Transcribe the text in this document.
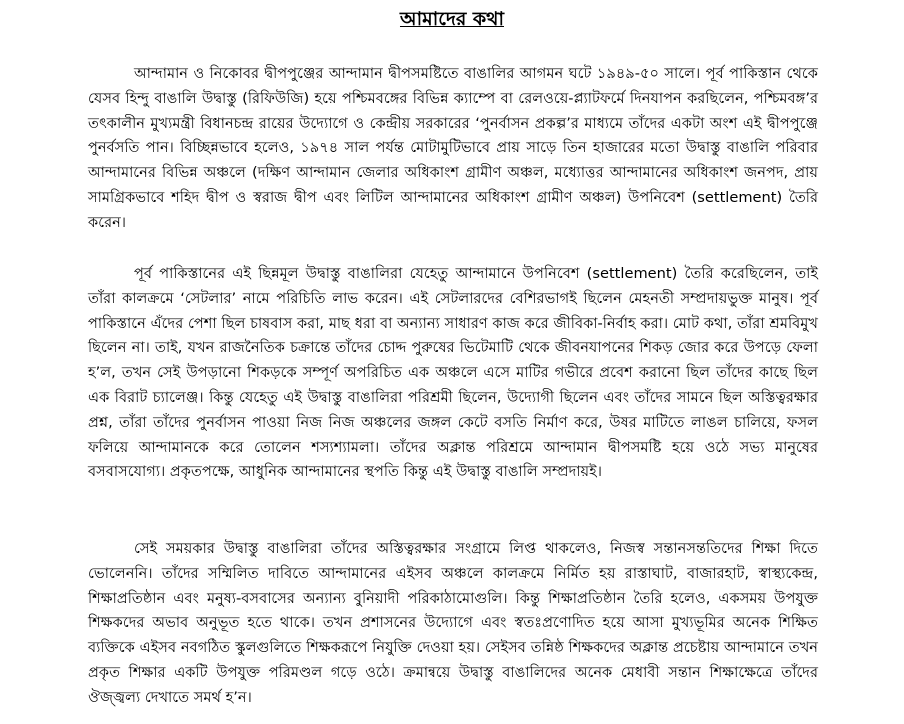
আমাদের কথা

আন্দামান ও নিকোবর দ্বীপপুঞ্জের আন্দামান দ্বীপসমষ্টিতে বাঙালির আগমন ঘটে ১৯৪৯-৫০ সালে। পূর্ব পাকিস্তান থেকে যেসব হিন্দু বাঙালি উদ্বাস্তু (রিফিউজি) হয়ে পশ্চিমবঙ্গের বিভিন্ন ক্যাম্পে বা রেলওয়ে-প্ল্যাটফর্মে দিনযাপন করছিলেন, পশ্চিমবঙ্গ’র তৎকালীন মুখ্যমন্ত্রী বিধানচন্দ্র রায়ের উদ্যোগে ও কেন্দ্রীয় সরকারের ‘পুনর্বাসন প্রকল্প’র মাধ্যমে তাঁদের একটা অংশ এই দ্বীপপুঞ্জে পুনর্বসতি পান। বিচ্ছিন্নভাবে হলেও, ১৯৭৪ সাল পর্যন্ত মোটামুটিভাবে প্রায় সাড়ে তিন হাজারের মতো উদ্বাস্তু বাঙালি পরিবার আন্দামানের বিভিন্ন অঞ্চলে (দক্ষিণ আন্দামান জেলার অধিকাংশ গ্রামীণ অঞ্চল, মধ্যোত্তর আন্দামানের অধিকাংশ জনপদ, প্রায় সামগ্রিকভাবে শহিদ দ্বীপ ও স্বরাজ দ্বীপ এবং লিটিল আন্দামানের অধিকাংশ গ্রামীণ অঞ্চল) উপনিবেশ (settlement) তৈরি করেন।

পূর্ব পাকিস্তানের এই ছিন্নমূল উদ্বাস্তু বাঙালিরা যেহেতু আন্দামানে উপনিবেশ (settlement) তৈরি করেছিলেন, তাই তাঁরা কালক্রমে ‘সেটলার’ নামে পরিচিতি লাভ করেন। এই সেটলারদের বেশিরভাগই ছিলেন মেহনতী সম্প্রদায়ভুক্ত মানুষ। পূর্ব পাকিস্তানে এঁদের পেশা ছিল চাষবাস করা, মাছ ধরা বা অন্যান্য সাধারণ কাজ করে জীবিকা-নির্বাহ করা। মোট কথা, তাঁরা শ্রমবিমুখ ছিলেন না। তাই, যখন রাজনৈতিক চক্রান্তে তাঁদের চোদ্দ পুরুষের ভিটেমাটি থেকে জীবনযাপনের শিকড় জোর করে উপড়ে ফেলা হ’ল, তখন সেই উপড়ানো শিকড়কে সম্পূর্ণ অপরিচিত এক অঞ্চলে এসে মাটির গভীরে প্রবেশ করানো ছিল তাঁদের কাছে ছিল এক বিরাট চ্যালেঞ্জ। কিন্তু যেহেতু এই উদ্বাস্তু বাঙালিরা পরিশ্রমী ছিলেন, উদ্যোগী ছিলেন এবং তাঁদের সামনে ছিল অস্তিত্বরক্ষার প্রশ্ন, তাঁরা তাঁদের পুনর্বাসন পাওয়া নিজ নিজ অঞ্চলের জঙ্গল কেটে বসতি নির্মাণ করে, উষর মাটিতে লাঙল চালিয়ে, ফসল ফলিয়ে আন্দামানকে করে তোলেন শস্যশ্যামলা। তাঁদের অক্লান্ত পরিশ্রমে আন্দামান দ্বীপসমষ্টি হয়ে ওঠে সভ্য মানুষের বসবাসযোগ্য। প্রকৃতপক্ষে, আধুনিক আন্দামানের স্থপতি কিন্তু এই উদ্বাস্তু বাঙালি সম্প্রদায়ই।

সেই সময়কার উদ্বাস্তু বাঙালিরা তাঁদের অস্তিত্বরক্ষার সংগ্রামে লিপ্ত থাকলেও, নিজস্ব সন্তানসন্ততিদের শিক্ষা দিতে ভোলেননি। তাঁদের সম্মিলিত দাবিতে আন্দামানের এইসব অঞ্চলে কালক্রমে নির্মিত হয় রাস্তাঘাট, বাজারহাট, স্বাস্থ্যকেন্দ্র, শিক্ষাপ্রতিষ্ঠান এবং মনুষ্য-বসবাসের অন্যান্য বুনিয়াদী পরিকাঠামোগুলি। কিন্তু শিক্ষাপ্রতিষ্ঠান তৈরি হলেও, একসময় উপযুক্ত শিক্ষকদের অভাব অনুভূত হতে থাকে। তখন প্রশাসনের উদ্যোগে এবং স্বতঃপ্রণোদিত হয়ে আসা মুখ্যভূমির অনেক শিক্ষিত ব্যক্তিকে এইসব নবগঠিত স্কুলগুলিতে শিক্ষকরূপে নিযুক্তি দেওয়া হয়। সেইসব তন্নিষ্ঠ শিক্ষকদের অক্লান্ত প্রচেষ্টায় আন্দামানে তখন প্রকৃত শিক্ষার একটি উপযুক্ত পরিমণ্ডল গড়ে ওঠে। ক্রমান্বয়ে উদ্বাস্তু বাঙালিদের অনেক মেধাবী সন্তান শিক্ষাক্ষেত্রে তাঁদের ঔজ্জ্বল্য দেখাতে সমর্থ হ’ন।
